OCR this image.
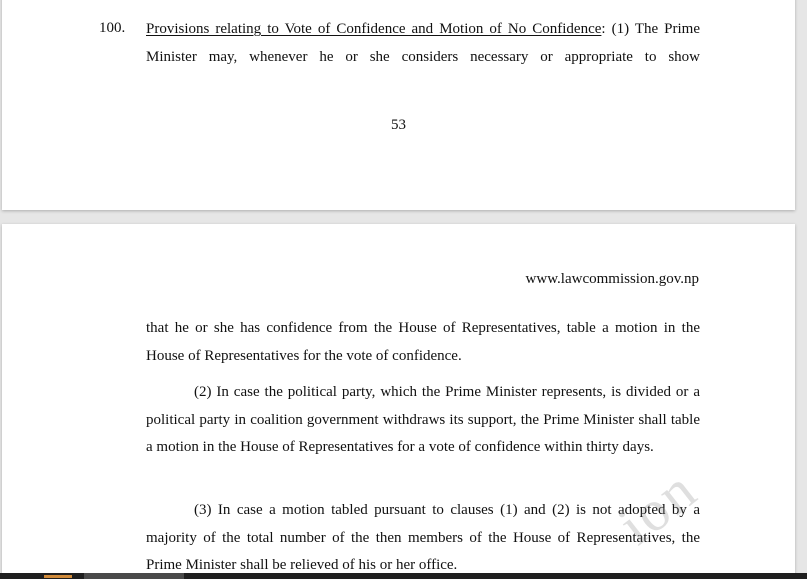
100. Provisions relating to Vote of Confidence and Motion of No Confidence: (1) The Prime Minister may, whenever he or she considers necessary or appropriate to show
53
www.lawcommission.gov.np
that he or she has confidence from the House of Representatives, table a motion in the House of Representatives for the vote of confidence.
(2) In case the political party, which the Prime Minister represents, is divided or a political party in coalition government withdraws its support, the Prime Minister shall table a motion in the House of Representatives for a vote of confidence within thirty days.
(3) In case a motion tabled pursuant to clauses (1) and (2) is not adopted by a majority of the total number of the then members of the House of Representatives, the Prime Minister shall be relieved of his or her office.
ion
